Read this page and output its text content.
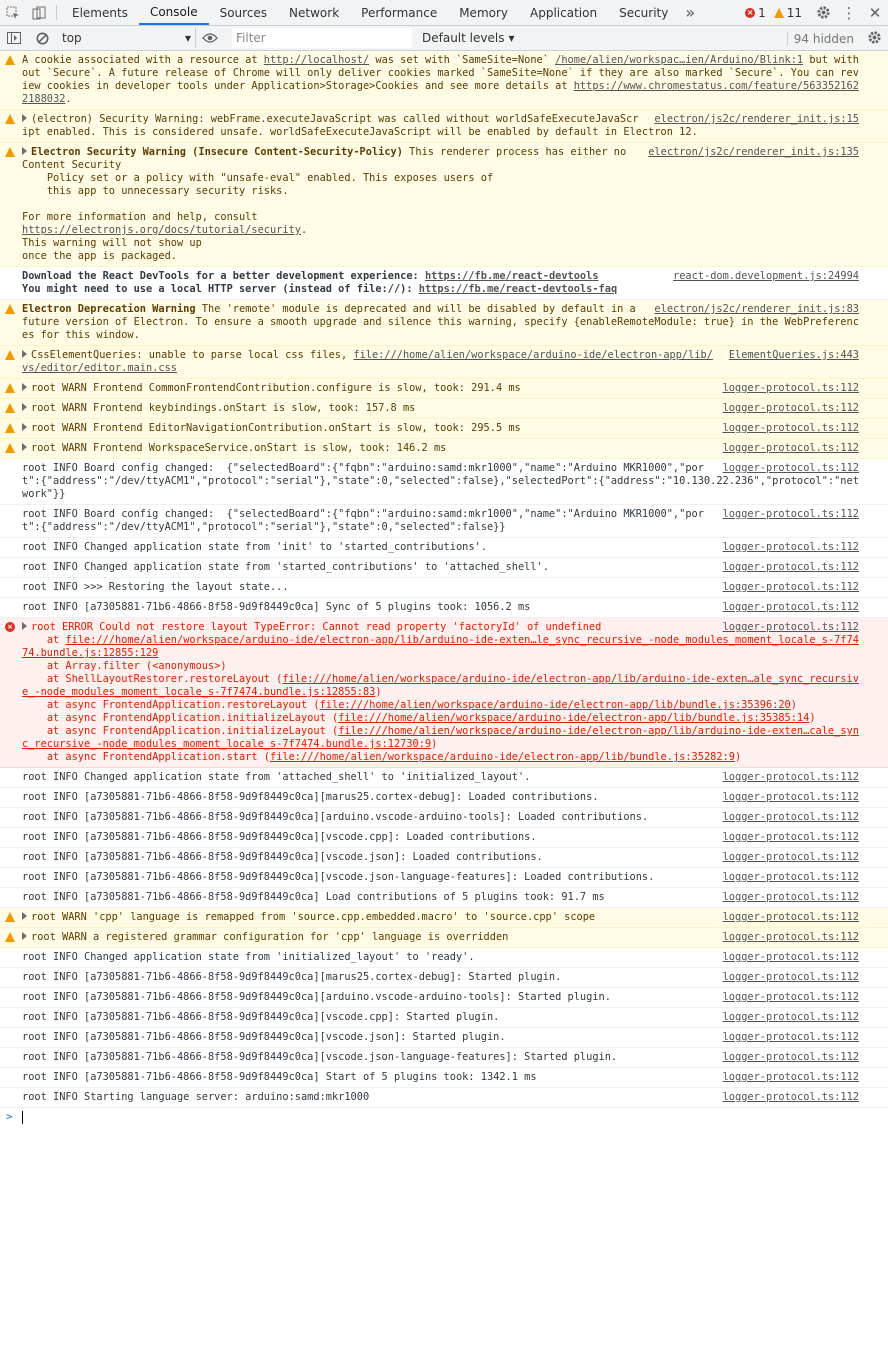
Elements	Console	Sources	Network	Performance	Memory	Application	Security	»	× 1 11	⋮ ✕
top	▾
Filter	Default levels ▾	94 hidden
A cookie associated with a resource at http://localhost/ was set with `SameSite=None` /home/alien/workspac…ien/Arduino/Blink:1 but without `Secure`. A future release of Chrome will only deliver cookies marked `SameSite=None` if they are also marked `Secure`. You can review cookies in developer tools under Application>Storage>Cookies and see more details at https://www.chromestatus.com/feature/5633521622188032.
electron/js2c/renderer_init.js:15
(electron) Security Warning: webFrame.executeJavaScript was called without worldSafeExecuteJavaScript enabled. This is considered unsafe. worldSafeExecuteJavaScript will be enabled by default in Electron 12.
electron/js2c/renderer_init.js:135
Electron Security Warning (Insecure Content-Security-Policy) This renderer process has either no Content Security
Policy set or a policy with "unsafe-eval" enabled. This exposes users of
this app to unnecessary security risks.

For more information and help, consult
https://electronjs.org/docs/tutorial/security.
This warning will not show up
once the app is packaged.
react-dom.development.js:24994
Download the React DevTools for a better development experience: https://fb.me/react-devtools
You might need to use a local HTTP server (instead of file://): https://fb.me/react-devtools-faq
electron/js2c/renderer_init.js:83
Electron Deprecation Warning The 'remote' module is deprecated and will be disabled by default in a future version of Electron. To ensure a smooth upgrade and silence this warning, specify {enableRemoteModule: true} in the WebPreferences for this window.
ElementQueries.js:443
CssElementQueries: unable to parse local css files, file:///home/alien/workspace/arduino-ide/electron-app/lib/vs/editor/editor.main.css
logger-protocol.ts:112
root WARN Frontend CommonFrontendContribution.configure is slow, took: 291.4 ms
logger-protocol.ts:112
root WARN Frontend keybindings.onStart is slow, took: 157.8 ms
logger-protocol.ts:112
root WARN Frontend EditorNavigationContribution.onStart is slow, took: 295.5 ms
logger-protocol.ts:112
root WARN Frontend WorkspaceService.onStart is slow, took: 146.2 ms
logger-protocol.ts:112
root INFO Board config changed:  {"selectedBoard":{"fqbn":"arduino:samd:mkr1000","name":"Arduino MKR1000","port":{"address":"/dev/ttyACM1","protocol":"serial"},"state":0,"selected":false},"selectedPort":{"address":"10.130.22.236","protocol":"network"}}
logger-protocol.ts:112
root INFO Board config changed:  {"selectedBoard":{"fqbn":"arduino:samd:mkr1000","name":"Arduino MKR1000","port":{"address":"/dev/ttyACM1","protocol":"serial"},"state":0,"selected":false}}
logger-protocol.ts:112
root INFO Changed application state from 'init' to 'started_contributions'.
logger-protocol.ts:112
root INFO Changed application state from 'started_contributions' to 'attached_shell'.
logger-protocol.ts:112
root INFO >>> Restoring the layout state...
logger-protocol.ts:112
root INFO [a7305881-71b6-4866-8f58-9d9f8449c0ca] Sync of 5 plugins took: 1056.2 ms
×	logger-protocol.ts:112
root ERROR Could not restore layout TypeError: Cannot read property 'factoryId' of undefined
at file:///home/alien/workspace/arduino-ide/electron-app/lib/arduino-ide-exten…le_sync_recursive_-node_modules_moment_locale_s-7f7474.bundle.js:12855:129
at Array.filter (<anonymous>)
at ShellLayoutRestorer.restoreLayout (file:///home/alien/workspace/arduino-ide/electron-app/lib/arduino-ide-exten…ale_sync_recursive_-node_modules_moment_locale_s-7f7474.bundle.js:12855:83)
at async FrontendApplication.restoreLayout (file:///home/alien/workspace/arduino-ide/electron-app/lib/bundle.js:35396:20)
at async FrontendApplication.initializeLayout (file:///home/alien/workspace/arduino-ide/electron-app/lib/bundle.js:35385:14)
at async FrontendApplication.initializeLayout (file:///home/alien/workspace/arduino-ide/electron-app/lib/arduino-ide-exten…cale_sync_recursive_-node_modules_moment_locale_s-7f7474.bundle.js:12730:9)
at async FrontendApplication.start (file:///home/alien/workspace/arduino-ide/electron-app/lib/bundle.js:35282:9)
logger-protocol.ts:112
root INFO Changed application state from 'attached_shell' to 'initialized_layout'.
logger-protocol.ts:112
root INFO [a7305881-71b6-4866-8f58-9d9f8449c0ca][marus25.cortex-debug]: Loaded contributions.
logger-protocol.ts:112
root INFO [a7305881-71b6-4866-8f58-9d9f8449c0ca][arduino.vscode-arduino-tools]: Loaded contributions.
logger-protocol.ts:112
root INFO [a7305881-71b6-4866-8f58-9d9f8449c0ca][vscode.cpp]: Loaded contributions.
logger-protocol.ts:112
root INFO [a7305881-71b6-4866-8f58-9d9f8449c0ca][vscode.json]: Loaded contributions.
logger-protocol.ts:112
root INFO [a7305881-71b6-4866-8f58-9d9f8449c0ca][vscode.json-language-features]: Loaded contributions.
logger-protocol.ts:112
root INFO [a7305881-71b6-4866-8f58-9d9f8449c0ca] Load contributions of 5 plugins took: 91.7 ms
logger-protocol.ts:112
root WARN 'cpp' language is remapped from 'source.cpp.embedded.macro' to 'source.cpp' scope
logger-protocol.ts:112
root WARN a registered grammar configuration for 'cpp' language is overridden
logger-protocol.ts:112
root INFO Changed application state from 'initialized_layout' to 'ready'.
logger-protocol.ts:112
root INFO [a7305881-71b6-4866-8f58-9d9f8449c0ca][marus25.cortex-debug]: Started plugin.
logger-protocol.ts:112
root INFO [a7305881-71b6-4866-8f58-9d9f8449c0ca][arduino.vscode-arduino-tools]: Started plugin.
logger-protocol.ts:112
root INFO [a7305881-71b6-4866-8f58-9d9f8449c0ca][vscode.cpp]: Started plugin.
logger-protocol.ts:112
root INFO [a7305881-71b6-4866-8f58-9d9f8449c0ca][vscode.json]: Started plugin.
logger-protocol.ts:112
root INFO [a7305881-71b6-4866-8f58-9d9f8449c0ca][vscode.json-language-features]: Started plugin.
logger-protocol.ts:112
root INFO [a7305881-71b6-4866-8f58-9d9f8449c0ca] Start of 5 plugins took: 1342.1 ms
logger-protocol.ts:112
root INFO Starting language server: arduino:samd:mkr1000
>
